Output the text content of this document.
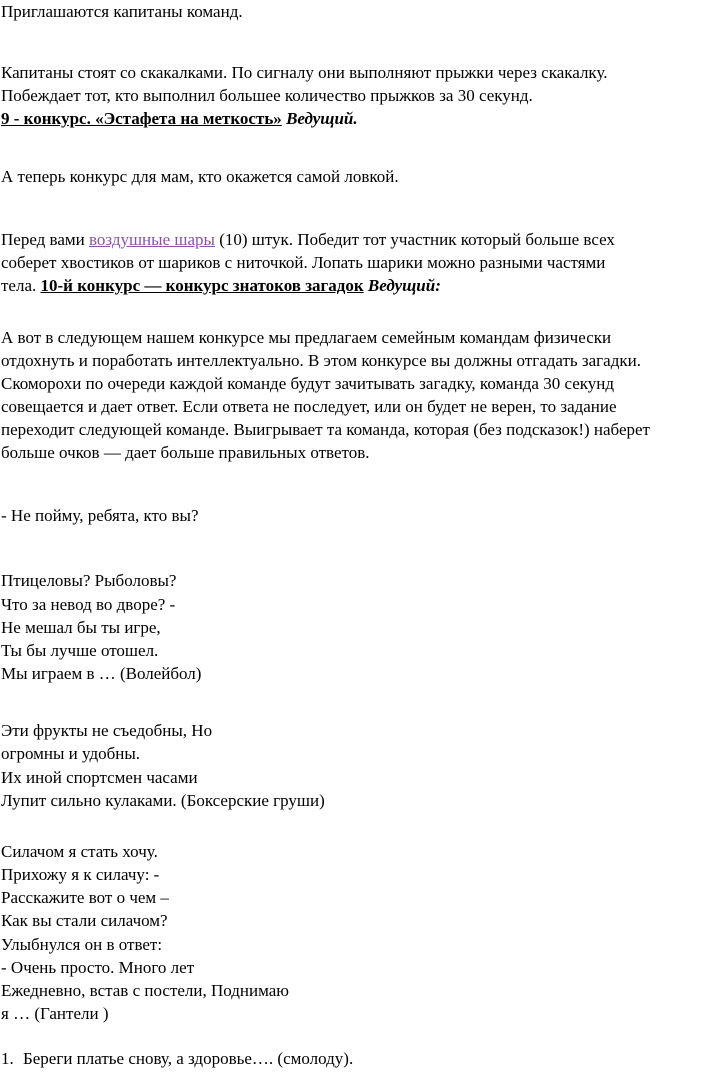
Приглашаются капитаны команд.
Капитаны стоят со скакалками. По сигналу они выполняют прыжки через скакалку.
Побеждает тот, кто выполнил большее количество прыжков за 30 секунд.
9 - конкурс. «Эстафета на меткость» Ведущий.
А теперь конкурс для мам, кто окажется самой ловкой.
Перед вами воздушные шары (10) штук. Победит тот участник который больше всех
соберет хвостиков от шариков с ниточкой. Лопать шарики можно разными частями
тела. 10-й конкурс — конкурс знатоков загадок Ведущий:
А вот в следующем нашем конкурсе мы предлагаем семейным командам физически
отдохнуть и поработать интеллектуально. В этом конкурсе вы должны отгадать загадки.
Скоморохи по очереди каждой команде будут зачитывать загадку, команда 30 секунд
совещается и дает ответ. Если ответа не последует, или он будет не верен, то задание
переходит следующей команде. Выигрывает та команда, которая (без подсказок!) наберет
больше очков — дает больше правильных ответов.
- Не пойму, ребята, кто вы?
Птицеловы? Рыболовы?
Что за невод во дворе? -
Не мешал бы ты игре,
Ты бы лучше отошел.
Мы играем в … (Волейбол)
Эти фрукты не съедобны, Но
огромны и удобны.
Их иной спортсмен часами
Лупит сильно кулаками. (Боксерские груши)
Силачом я стать хочу.
Прихожу я к силачу: -
Расскажите вот о чем –
Как вы стали силачом?
Улыбнулся он в ответ:
- Очень просто. Много лет
Ежедневно, встав с постели, Поднимаю
я … (Гантели )
1. Береги платье снову, а здоровье…. (смолоду).
